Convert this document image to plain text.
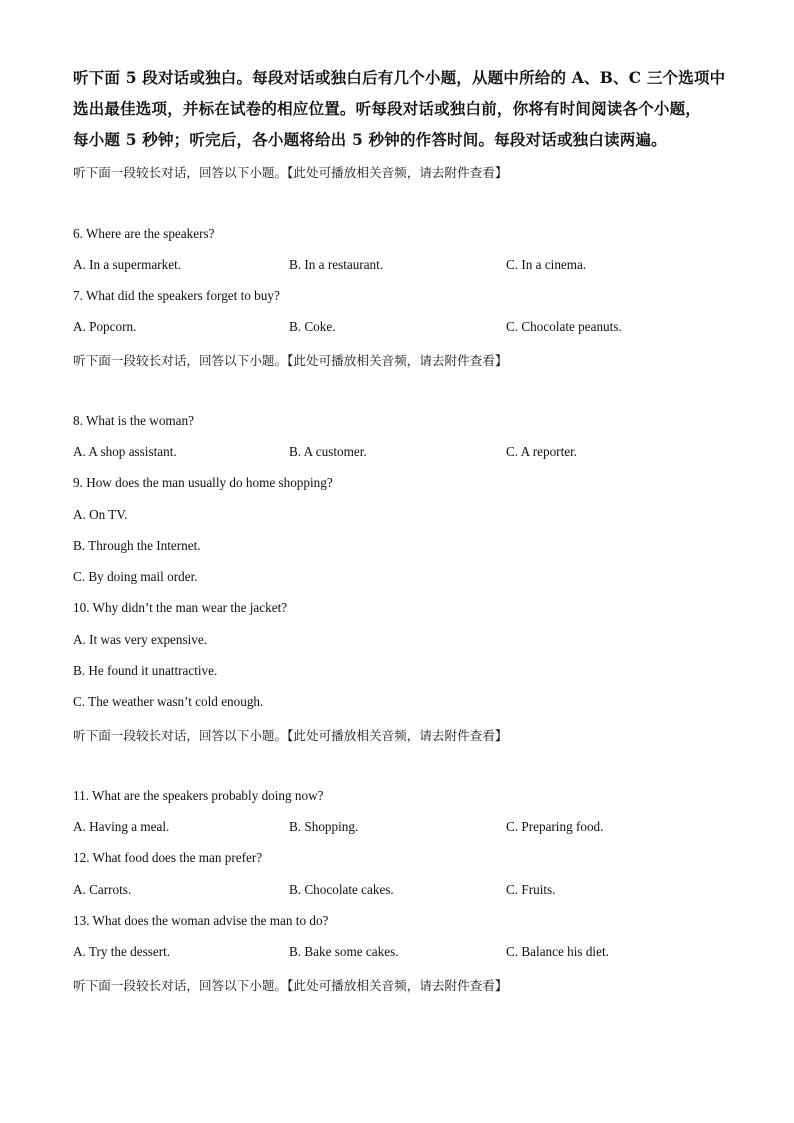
听下面 5 段对话或独白。每段对话或独白后有几个小题，从题中所给的 A、B、C 三个选项中
选出最佳选项，并标在试卷的相应位置。听每段对话或独白前，你将有时间阅读各个小题，
每小题 5 秒钟；听完后，各小题将给出 5 秒钟的作答时间。每段对话或独白读两遍。
听下面一段较长对话，回答以下小题。【此处可播放相关音频，请去附件查看】
6. Where are the speakers?
A. In a supermarket.	B. In a restaurant.	C. In a cinema.
7. What did the speakers forget to buy?
A. Popcorn.	B. Coke.	C. Chocolate peanuts.
听下面一段较长对话，回答以下小题。【此处可播放相关音频，请去附件查看】
8. What is the woman?
A. A shop assistant.	B. A customer.	C. A reporter.
9. How does the man usually do home shopping?
A. On TV.
B. Through the Internet.
C. By doing mail order.
10. Why didn’t the man wear the jacket?
A. It was very expensive.
B. He found it unattractive.
C. The weather wasn’t cold enough.
听下面一段较长对话，回答以下小题。【此处可播放相关音频，请去附件查看】
11. What are the speakers probably doing now?
A. Having a meal.	B. Shopping.	C. Preparing food.
12. What food does the man prefer?
A. Carrots.	B. Chocolate cakes.	C. Fruits.
13. What does the woman advise the man to do?
A. Try the dessert.	B. Bake some cakes.	C. Balance his diet.
听下面一段较长对话，回答以下小题。【此处可播放相关音频，请去附件查看】
